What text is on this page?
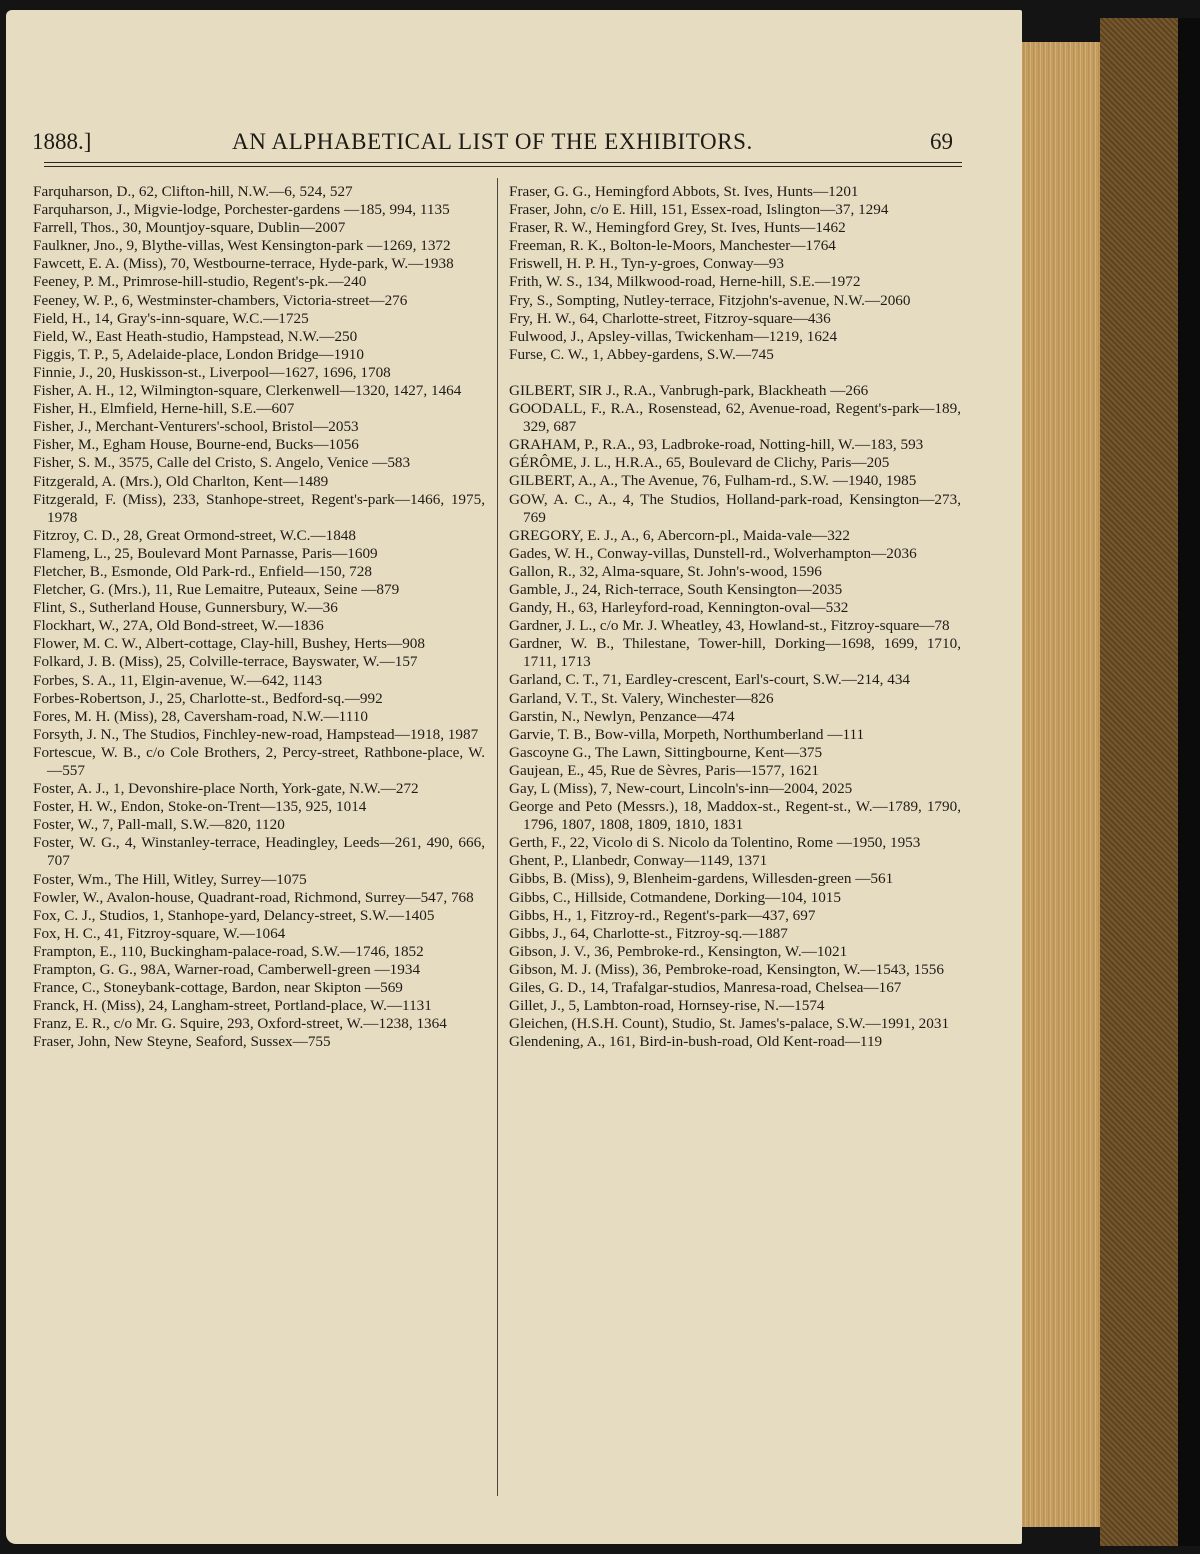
1888.]	AN ALPHABETICAL LIST OF THE EXHIBITORS.	69
Farquharson, D., 62, Clifton-hill, N.W.—6, 524, 527
Farquharson, J., Migvie-lodge, Porchester-gardens —185, 994, 1135
Farrell, Thos., 30, Mountjoy-square, Dublin—2007
Faulkner, Jno., 9, Blythe-villas, West Kensington-park —1269, 1372
Fawcett, E. A. (Miss), 70, Westbourne-terrace, Hyde-park, W.—1938
Feeney, P. M., Primrose-hill-studio, Regent's-pk.—240
Feeney, W. P., 6, Westminster-chambers, Victoria-street—276
Field, H., 14, Gray's-inn-square, W.C.—1725
Field, W., East Heath-studio, Hampstead, N.W.—250
Figgis, T. P., 5, Adelaide-place, London Bridge—1910
Finnie, J., 20, Huskisson-st., Liverpool—1627, 1696, 1708
Fisher, A. H., 12, Wilmington-square, Clerkenwell—1320, 1427, 1464
Fisher, H., Elmfield, Herne-hill, S.E.—607
Fisher, J., Merchant-Venturers'-school, Bristol—2053
Fisher, M., Egham House, Bourne-end, Bucks—1056
Fisher, S. M., 3575, Calle del Cristo, S. Angelo, Venice —583
Fitzgerald, A. (Mrs.), Old Charlton, Kent—1489
Fitzgerald, F. (Miss), 233, Stanhope-street, Regent's-park—1466, 1975, 1978
Fitzroy, C. D., 28, Great Ormond-street, W.C.—1848
Flameng, L., 25, Boulevard Mont Parnasse, Paris—1609
Fletcher, B., Esmonde, Old Park-rd., Enfield—150, 728
Fletcher, G. (Mrs.), 11, Rue Lemaitre, Puteaux, Seine —879
Flint, S., Sutherland House, Gunnersbury, W.—36
Flockhart, W., 27A, Old Bond-street, W.—1836
Flower, M. C. W., Albert-cottage, Clay-hill, Bushey, Herts—908
Folkard, J. B. (Miss), 25, Colville-terrace, Bayswater, W.—157
Forbes, S. A., 11, Elgin-avenue, W.—642, 1143
Forbes-Robertson, J., 25, Charlotte-st., Bedford-sq.—992
Fores, M. H. (Miss), 28, Caversham-road, N.W.—1110
Forsyth, J. N., The Studios, Finchley-new-road, Hampstead—1918, 1987
Fortescue, W. B., c/o Cole Brothers, 2, Percy-street, Rathbone-place, W.—557
Foster, A. J., 1, Devonshire-place North, York-gate, N.W.—272
Foster, H. W., Endon, Stoke-on-Trent—135, 925, 1014
Foster, W., 7, Pall-mall, S.W.—820, 1120
Foster, W. G., 4, Winstanley-terrace, Headingley, Leeds—261, 490, 666, 707
Foster, Wm., The Hill, Witley, Surrey—1075
Fowler, W., Avalon-house, Quadrant-road, Richmond, Surrey—547, 768
Fox, C. J., Studios, 1, Stanhope-yard, Delancy-street, S.W.—1405
Fox, H. C., 41, Fitzroy-square, W.—1064
Frampton, E., 110, Buckingham-palace-road, S.W.—1746, 1852
Frampton, G. G., 98A, Warner-road, Camberwell-green —1934
France, C., Stoneybank-cottage, Bardon, near Skipton —569
Franck, H. (Miss), 24, Langham-street, Portland-place, W.—1131
Franz, E. R., c/o Mr. G. Squire, 293, Oxford-street, W.—1238, 1364
Fraser, John, New Steyne, Seaford, Sussex—755
Fraser, G. G., Hemingford Abbots, St. Ives, Hunts—1201
Fraser, John, c/o E. Hill, 151, Essex-road, Islington—37, 1294
Fraser, R. W., Hemingford Grey, St. Ives, Hunts—1462
Freeman, R. K., Bolton-le-Moors, Manchester—1764
Friswell, H. P. H., Tyn-y-groes, Conway—93
Frith, W. S., 134, Milkwood-road, Herne-hill, S.E.—1972
Fry, S., Sompting, Nutley-terrace, Fitzjohn's-avenue, N.W.—2060
Fry, H. W., 64, Charlotte-street, Fitzroy-square—436
Fulwood, J., Apsley-villas, Twickenham—1219, 1624
Furse, C. W., 1, Abbey-gardens, S.W.—745
GILBERT, SIR J., R.A., Vanbrugh-park, Blackheath —266
GOODALL, F., R.A., Rosenstead, 62, Avenue-road, Regent's-park—189, 329, 687
GRAHAM, P., R.A., 93, Ladbroke-road, Notting-hill, W.—183, 593
GÉRÔME, J. L., H.R.A., 65, Boulevard de Clichy, Paris—205
GILBERT, A., A., The Avenue, 76, Fulham-rd., S.W. —1940, 1985
GOW, A. C., A., 4, The Studios, Holland-park-road, Kensington—273, 769
GREGORY, E. J., A., 6, Abercorn-pl., Maida-vale—322
Gades, W. H., Conway-villas, Dunstell-rd., Wolverhampton—2036
Gallon, R., 32, Alma-square, St. John's-wood, 1596
Gamble, J., 24, Rich-terrace, South Kensington—2035
Gandy, H., 63, Harleyford-road, Kennington-oval—532
Gardner, J. L., c/o Mr. J. Wheatley, 43, Howland-st., Fitzroy-square—78
Gardner, W. B., Thilestane, Tower-hill, Dorking—1698, 1699, 1710, 1711, 1713
Garland, C. T., 71, Eardley-crescent, Earl's-court, S.W.—214, 434
Garland, V. T., St. Valery, Winchester—826
Garstin, N., Newlyn, Penzance—474
Garvie, T. B., Bow-villa, Morpeth, Northumberland —111
Gascoyne G., The Lawn, Sittingbourne, Kent—375
Gaujean, E., 45, Rue de Sèvres, Paris—1577, 1621
Gay, L (Miss), 7, New-court, Lincoln's-inn—2004, 2025
George and Peto (Messrs.), 18, Maddox-st., Regent-st., W.—1789, 1790, 1796, 1807, 1808, 1809, 1810, 1831
Gerth, F., 22, Vicolo di S. Nicolo da Tolentino, Rome —1950, 1953
Ghent, P., Llanbedr, Conway—1149, 1371
Gibbs, B. (Miss), 9, Blenheim-gardens, Willesden-green —561
Gibbs, C., Hillside, Cotmandene, Dorking—104, 1015
Gibbs, H., 1, Fitzroy-rd., Regent's-park—437, 697
Gibbs, J., 64, Charlotte-st., Fitzroy-sq.—1887
Gibson, J. V., 36, Pembroke-rd., Kensington, W.—1021
Gibson, M. J. (Miss), 36, Pembroke-road, Kensington, W.—1543, 1556
Giles, G. D., 14, Trafalgar-studios, Manresa-road, Chelsea—167
Gillet, J., 5, Lambton-road, Hornsey-rise, N.—1574
Gleichen, (H.S.H. Count), Studio, St. James's-palace, S.W.—1991, 2031
Glendening, A., 161, Bird-in-bush-road, Old Kent-road—119
